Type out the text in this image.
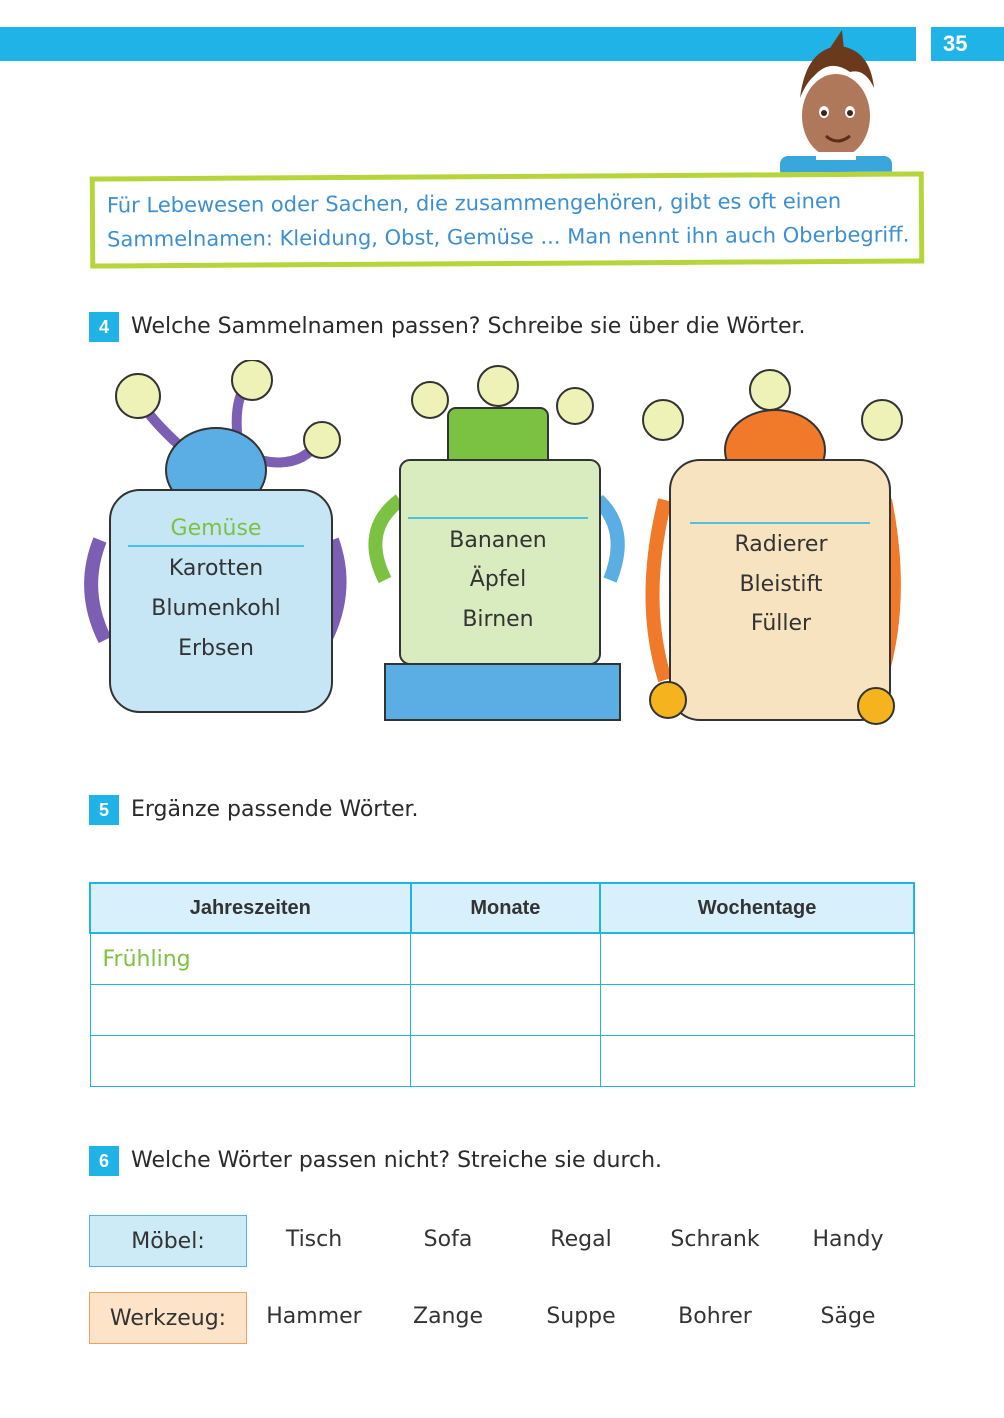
Mit Sammelnamen ordnen
35

Für Lebewesen oder Sachen, die zusammengehören, gibt es oft einen

Sammelnamen: Kleidung, Obst, Gemüse ... Man nennt ihn auch Oberbegriff.

4	Welche Sammelnamen passen? Schreibe sie über die Wörter.
Gemüse
Karotten
Blumenkohl
Erbsen
Bananen
Äpfel
Birnen
Radierer
Bleistift
Füller
5	Ergänze passende Wörter.
Jahreszeiten	Monate	Wochentage
Frühling		

6	Welche Wörter passen nicht? Streiche sie durch.
Möbel:	Tisch	Sofa	Regal	Schrank	Handy
Werkzeug:	Hammer	Zange	Suppe	Bohrer	Säge
